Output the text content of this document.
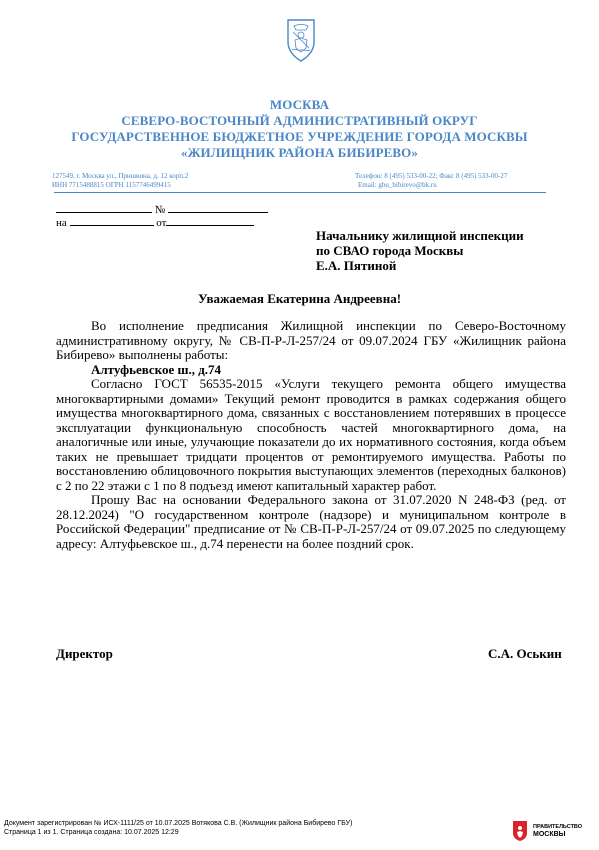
МОСКВА
СЕВЕРО-ВОСТОЧНЫЙ АДМИНИСТРАТИВНЫЙ ОКРУГ
ГОСУДАРСТВЕННОЕ БЮДЖЕТНОЕ УЧРЕЖДЕНИЕ ГОРОДА МОСКВЫ
«ЖИЛИЩНИК РАЙОНА БИБИРЕВО»
127549, г. Москва ул., Пришвина, д. 12 корп.2
ИНН 7715488815 ОГРН 1157746499415
Телефон: 8 (495) 533-00-22; Факс 8 (495) 533-00-27
Email: gbu_bibirevo@bk.ru
№
на	от
Начальнику жилищной инспекции
по СВАО города Москвы
Е.А. Пятиной
Уважаемая Екатерина Андреевна!

Во исполнение предписания Жилищной инспекции по Северо-Восточному административному округу, № СВ-П-Р-Л-257/24 от 09.07.2024 ГБУ «Жилищник района Бибирево» выполнены работы:

Алтуфьевское ш., д.74

Согласно ГОСТ 56535-2015 «Услуги текущего ремонта общего имущества многоквартирными домами» Текущий ремонт проводится в рамках содержания общего имущества многоквартирного дома, связанных с восстановлением потерявших в процессе эксплуатации функциональную способность частей многоквартирного дома, на аналогичные или иные, улучающие показатели до их нормативного состояния, когда объем таких не превышает тридцати процентов от ремонтируемого имущества. Работы по восстановлению облицовочного покрытия выступающих элементов (переходных балконов) с 2 по 22 этажи с 1 по 8 подъезд имеют капитальный характер работ.

Прошу Вас на основании Федерального закона от 31.07.2020 N 248-ФЗ (ред. от 28.12.2024) "О государственном контроле (надзоре) и муниципальном контроле в Российской Федерации" предписание от № СВ-П-Р-Л-257/24 от 09.07.2025 по следующему адресу: Алтуфьевское ш., д.74 перенести на более поздний срок.

Директор	С.А. Оськин
Документ зарегистрирован № ИСХ-1111/25 от 10.07.2025 Вотякова С.В. (Жилищник района Бибирево ГБУ)
Страница 1 из 1. Страница создана: 10.07.2025 12:29
ПРАВИТЕЛЬСТВО
МОСКВЫ
